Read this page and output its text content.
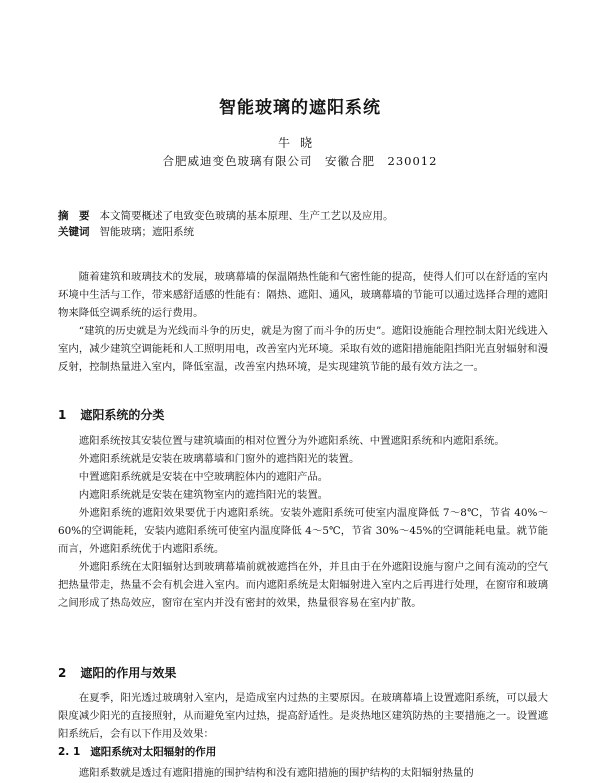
智能玻璃的遮阳系统
牛晓
合肥威迪变色玻璃有限公司　安徽合肥　230012
摘　要 本文简要概述了电致变色玻璃的基本原理、生产工艺以及应用。
关键词 智能玻璃；遮阳系统

随着建筑和玻璃技术的发展，玻璃幕墙的保温隔热性能和气密性能的提高，使得人们可以在舒适的室内环境中生活与工作，带来感舒适感的性能有：隔热、遮阳、通风，玻璃幕墙的节能可以通过选择合理的遮阳物来降低空调系统的运行费用。

“建筑的历史就是为光线而斗争的历史，就是为窗了而斗争的历史”。遮阳设施能合理控制太阳光线进入室内，减少建筑空调能耗和人工照明用电，改善室内光环境。采取有效的遮阳措施能阻挡阳光直射辐射和漫反射，控制热量进入室内，降低室温，改善室内热环境，是实现建筑节能的最有效方法之一。

1 遮阳系统的分类

遮阳系统按其安装位置与建筑墙面的相对位置分为外遮阳系统、中置遮阳系统和内遮阳系统。

外遮阳系统就是安装在玻璃幕墙和门窗外的遮挡阳光的装置。

中置遮阳系统就是安装在中空玻璃腔体内的遮阳产品。

内遮阳系统就是安装在建筑物室内的遮挡阳光的装置。

外遮阳系统的遮阳效果要优于内遮阳系统。安装外遮阳系统可使室内温度降低 7～8℃，节省 40%～60%的空调能耗，安装内遮阳系统可使室内温度降低 4～5℃，节省 30%～45%的空调能耗电量。就节能而言，外遮阳系统优于内遮阳系统。

外遮阳系统在太阳辐射达到玻璃幕墙前就被遮挡在外，并且由于在外遮阳设施与窗户之间有流动的空气把热量带走，热量不会有机会进入室内。而内遮阳系统是太阳辐射进入室内之后再进行处理，在窗帘和玻璃之间形成了热岛效应，窗帘在室内并没有密封的效果，热量很容易在室内扩散。

2 遮阳的作用与效果

在夏季，阳光透过玻璃射入室内，是造成室内过热的主要原因。在玻璃幕墙上设置遮阳系统，可以最大限度减少阳光的直接照射，从而避免室内过热，提高舒适性。是炎热地区建筑防热的主要措施之一。设置遮阳系统后，会有以下作用及效果：

2. 1 遮阳系统对太阳辐射的作用

遮阳系数就是透过有遮阳措施的围护结构和没有遮阳措施的围护结构的太阳辐射热量的
